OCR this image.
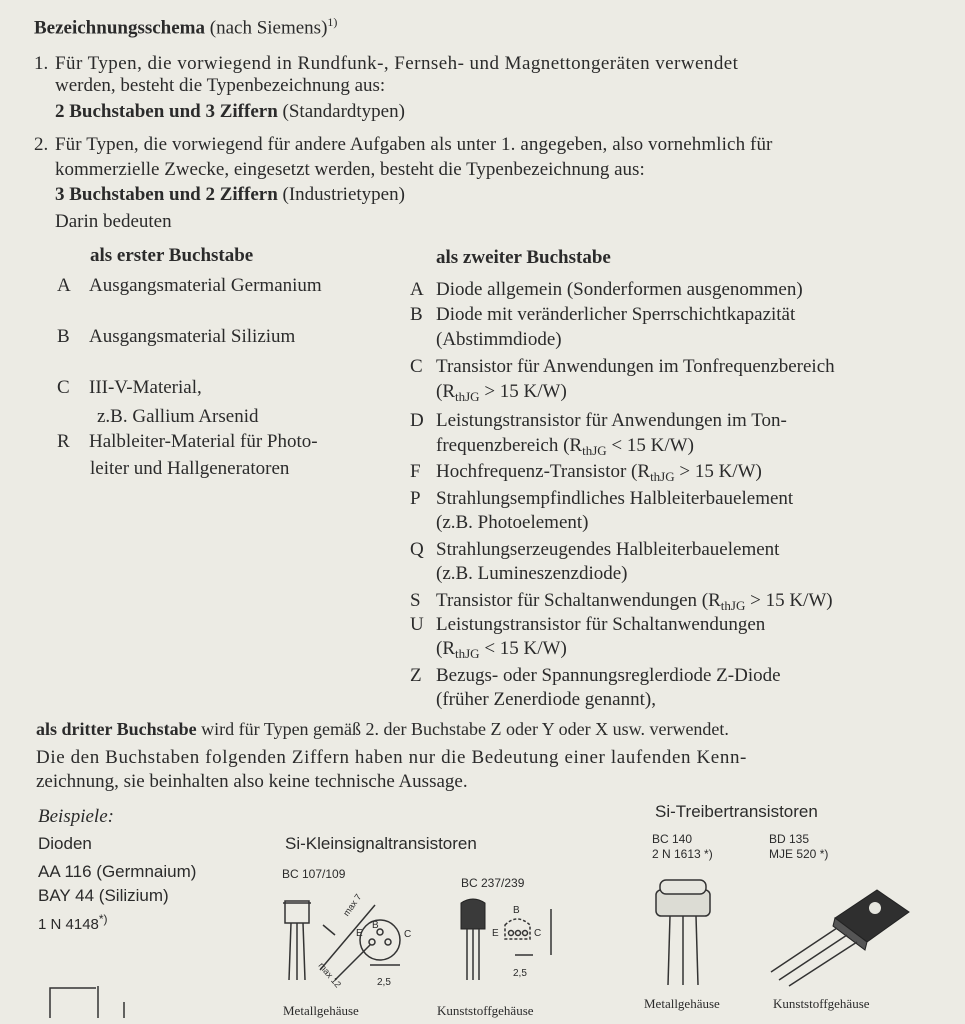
Bezeichnungsschema (nach Siemens)$^{1)}$
1. Für Typen, die vorwiegend in Rundfunk-, Fernseh- und Magnettongeräten verwendet
werden, besteht die Typenbezeichnung aus:
2 Buchstaben und 3 Ziffern (Standardtypen)
2. Für Typen, die vorwiegend für andere Aufgaben als unter 1. angegeben, also vornehmlich für
kommerzielle Zwecke, eingesetzt werden, besteht die Typenbezeichnung aus:
3 Buchstaben und 2 Ziffern (Industrietypen)
Darin bedeuten
als erster Buchstabe
A Ausgangsmaterial Germanium
B Ausgangsmaterial Silizium
C III-V-Material,
z.B. Gallium Arsenid
R Halbleiter-Material für Photo-
leiter und Hallgeneratoren
als zweiter Buchstabe
A Diode allgemein (Sonderformen ausgenommen)
B Diode mit veränderlicher Sperrschichtkapazität
(Abstimmdiode)
C Transistor für Anwendungen im Tonfrequenzbereich
($R_{thJG} > 15$ K/W)
D Leistungstransistor für Anwendungen im Ton-
frequenzbereich ($R_{thJG} < 15$ K/W)
F Hochfrequenz-Transistor ($R_{thJG} > 15$ K/W)
P Strahlungsempfindliches Halbleiterbauelement
(z.B. Photoelement)
Q Strahlungserzeugendes Halbleiterbauelement
(z.B. Lumineszenzdiode)
S Transistor für Schaltanwendungen ($R_{thJG} > 15$ K/W)
U Leistungstransistor für Schaltanwendungen
($R_{thJG} < 15$ K/W)
Z Bezugs- oder Spannungsreglerdiode Z-Diode
(früher Zenerdiode genannt),
als dritter Buchstabe wird für Typen gemäß 2. der Buchstabe Z oder Y oder X usw. verwendet.
Die den Buchstaben folgenden Ziffern haben nur die Bedeutung einer laufenden Kenn-
zeichnung, sie beinhalten also keine technische Aussage.
Beispiele:
Dioden
AA 116 (Germnaium)
BAY 44 (Silizium)
1 N 4148*)
Si-Kleinsignaltransistoren
BC 107/109
BC 237/239
Metallgehäuse	Kunststoffgehäuse
Si-Treibertransistoren
BC 140
2 N 1613 *)
BD 135
MJE 520 *)
Metallgehäuse	Kunststoffgehäuse
max 7
B
E	C
2,5
max 12
B
E	C
2,5
